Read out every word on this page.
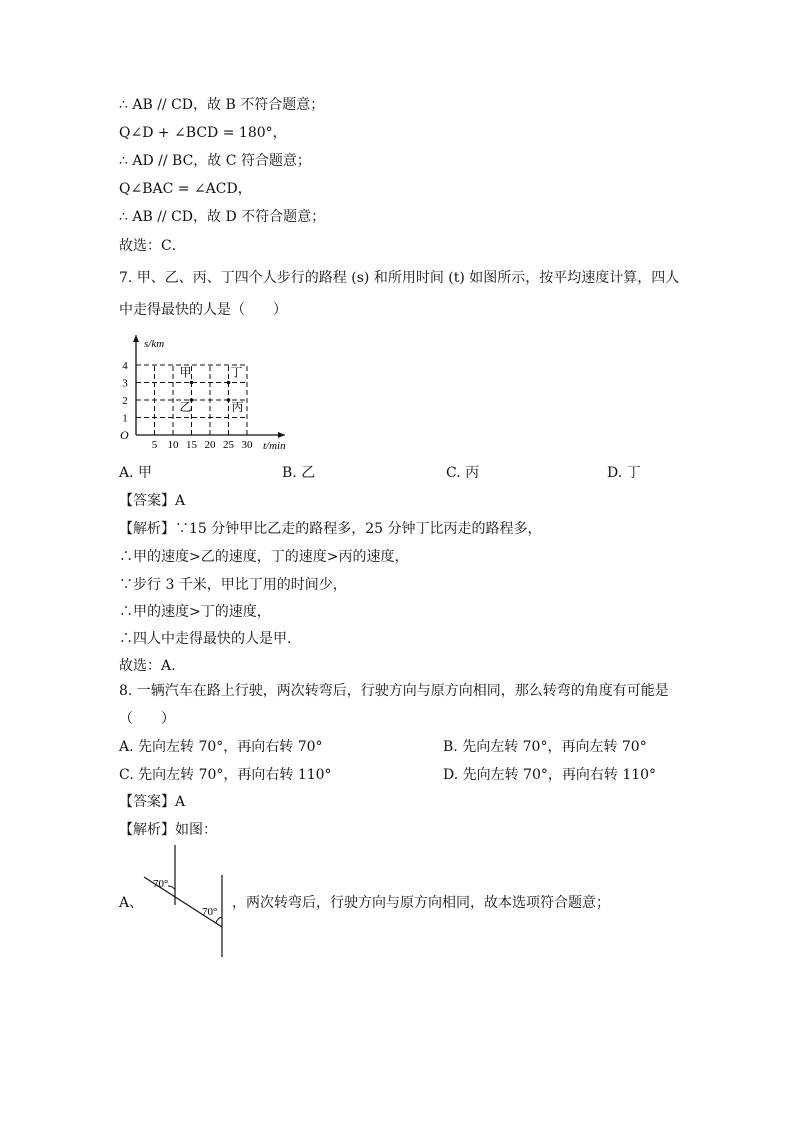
∴ AB // CD，故 B 不符合题意；
Q∠D + ∠BCD = 180°，
∴ AD // BC，故 C 符合题意；
Q∠BAC = ∠ACD，
∴ AB // CD，故 D 不符合题意；
故选：C．
7. 甲、乙、丙、丁四个人步行的路程 (s) 和所用时间 (t) 如图所示，按平均速度计算，四人
中走得最快的人是（　　）
5 10 15 20 25 30
1
2
3
4
O
s/km
t/min
甲
乙	丙
丁
A. 甲	B. 乙	C. 丙	D. 丁
【答案】A
【解析】∵15 分钟甲比乙走的路程多，25 分钟丁比丙走的路程多，
∴甲的速度>乙的速度，丁的速度>丙的速度，
∵步行 3 千米，甲比丁用的时间少，
∴甲的速度>丁的速度，
∴四人中走得最快的人是甲.
故选：A.
8. 一辆汽车在路上行驶，两次转弯后，行驶方向与原方向相同，那么转弯的角度有可能是
（　　）
A. 先向左转 70°，再向右转 70°	B. 先向左转 70°，再向左转 70°
C. 先向左转 70°，再向右转 110°	D. 先向左转 70°，再向右转 110°
【答案】A
【解析】如图：
A、
70°
70°
，两次转弯后，行驶方向与原方向相同，故本选项符合题意；
